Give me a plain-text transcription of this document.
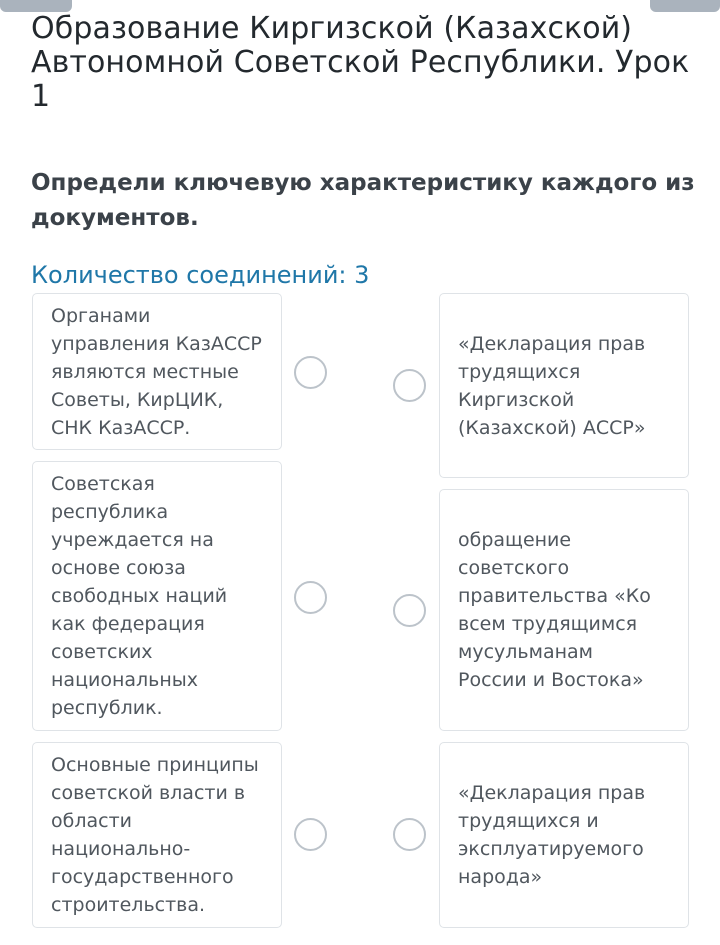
Образование Киргизской (Казахской) Автономной Советской Республики. Урок 1
Определи ключевую характеристику каждого из документов.
Количество соединений: 3
Органами управления КазАССР являются местные Советы, КирЦИК, СНК КазАССР.
Советская республика учреждается на основе союза свободных наций как федерация советских национальных республик.
Основные принципы советской власти в области национально-государственного строительства.
«Декларация прав трудящихся Киргизской (Казахской) АССР»
обращение советского правительства «Ко всем трудящимся мусульманам России и Востока»
«Декларация прав трудящихся и эксплуатируемого народа»
